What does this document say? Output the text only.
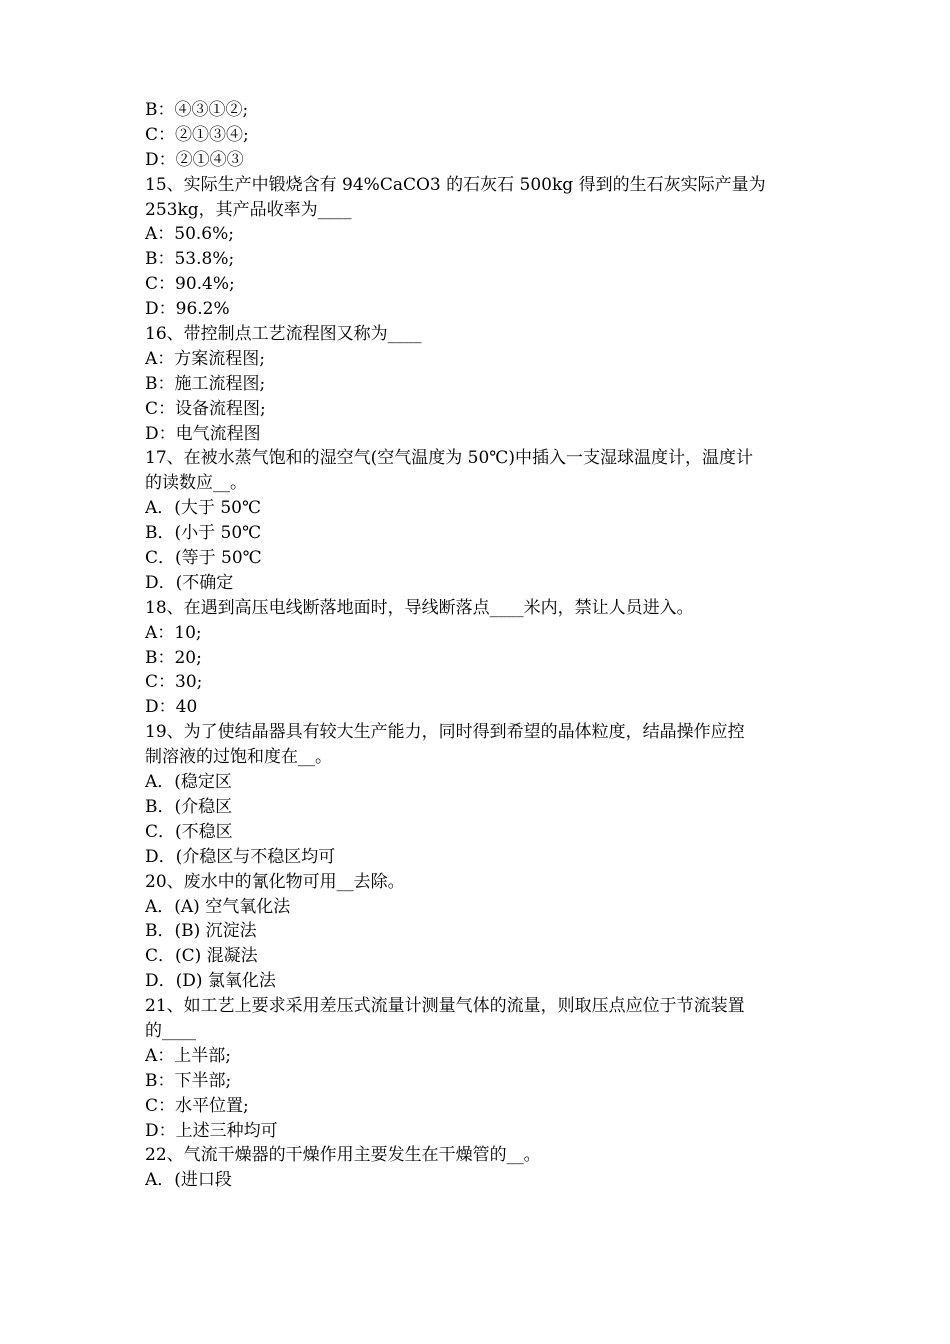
B：④③①②;
C：②①③④;
D：②①④③
15、实际生产中锻烧含有 94%CaCO3 的石灰石 500kg 得到的生石灰实际产量为
253kg，其产品收率为____
A：50.6%;
B：53.8%;
C：90.4%;
D：96.2%
16、带控制点工艺流程图又称为____
A：方案流程图;
B：施工流程图;
C：设备流程图;
D：电气流程图
17、在被水蒸气饱和的湿空气(空气温度为 50℃)中插入一支湿球温度计，温度计
的读数应__。
A．(大于 50℃
B．(小于 50℃
C．(等于 50℃
D．(不确定
18、在遇到高压电线断落地面时，导线断落点____米内，禁让人员进入。
A：10;
B：20;
C：30;
D：40
19、为了使结晶器具有较大生产能力，同时得到希望的晶体粒度，结晶操作应控
制溶液的过饱和度在__。
A．(稳定区
B．(介稳区
C．(不稳区
D．(介稳区与不稳区均可
20、废水中的氰化物可用__去除。
A．(A) 空气氧化法
B．(B) 沉淀法
C．(C) 混凝法
D．(D) 氯氧化法
21、如工艺上要求采用差压式流量计测量气体的流量，则取压点应位于节流装置
的____
A：上半部;
B：下半部;
C：水平位置;
D：上述三种均可
22、气流干燥器的干燥作用主要发生在干燥管的__。
A．(进口段
